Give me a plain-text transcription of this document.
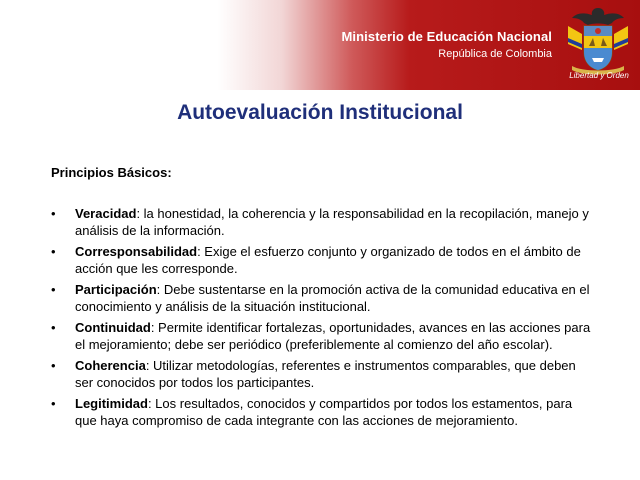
Ministerio de Educación Nacional
República de Colombia
Libertad y Orden
Autoevaluación Institucional
Principios Básicos:
• Veracidad: la honestidad, la coherencia y la responsabilidad en la recopilación, manejo y análisis de la información.
• Corresponsabilidad: Exige el esfuerzo conjunto y organizado de todos en el ámbito de acción que les corresponde.
• Participación: Debe sustentarse en la promoción activa de la comunidad educativa en el conocimiento y análisis de la situación institucional.
• Continuidad: Permite identificar fortalezas, oportunidades, avances en las acciones para el mejoramiento; debe ser periódico (preferiblemente al comienzo del año escolar).
• Coherencia: Utilizar metodologías, referentes e instrumentos comparables, que deben ser conocidos por todos los participantes.
• Legitimidad: Los resultados, conocidos y compartidos por todos los estamentos, para que haya compromiso de cada integrante con las acciones de mejoramiento.
